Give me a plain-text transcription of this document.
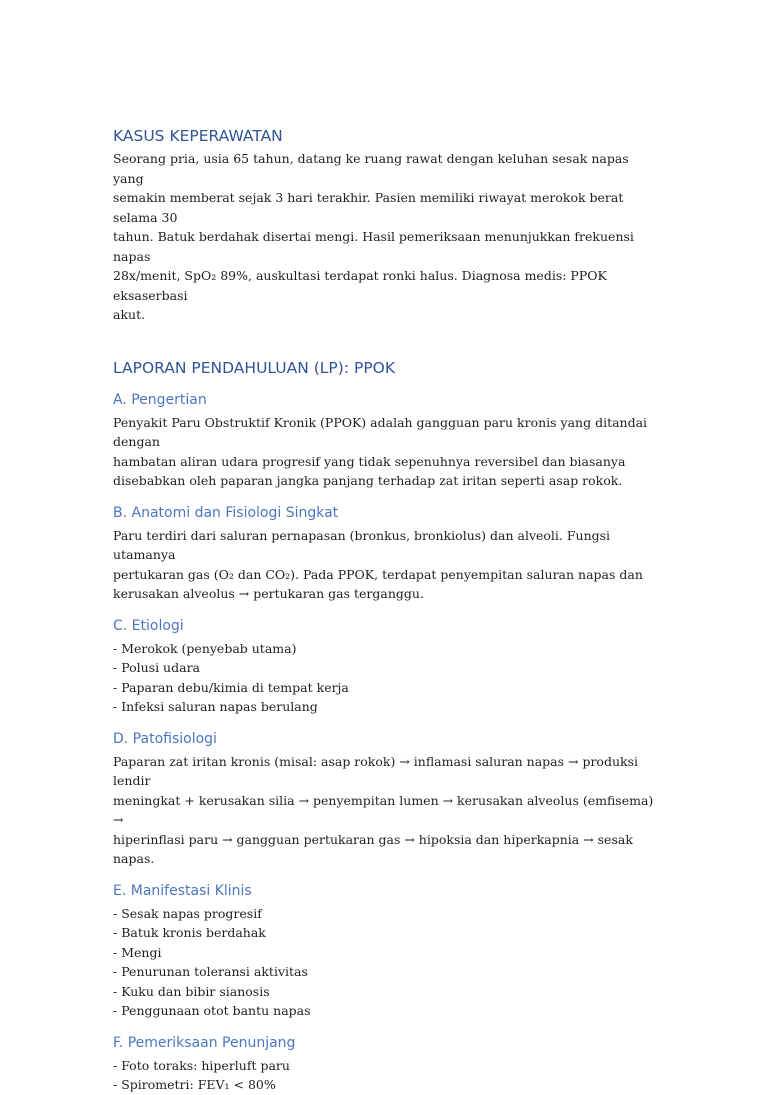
KASUS KEPERAWATAN
Seorang pria, usia 65 tahun, datang ke ruang rawat dengan keluhan sesak napas yang
semakin memberat sejak 3 hari terakhir. Pasien memiliki riwayat merokok berat selama 30
tahun. Batuk berdahak disertai mengi. Hasil pemeriksaan menunjukkan frekuensi napas
28x/menit, SpO₂ 89%, auskultasi terdapat ronki halus. Diagnosa medis: PPOK eksaserbasi
akut.
LAPORAN PENDAHULUAN (LP): PPOK
A. Pengertian
Penyakit Paru Obstruktif Kronik (PPOK) adalah gangguan paru kronis yang ditandai dengan
hambatan aliran udara progresif yang tidak sepenuhnya reversibel dan biasanya
disebabkan oleh paparan jangka panjang terhadap zat iritan seperti asap rokok.
B. Anatomi dan Fisiologi Singkat
Paru terdiri dari saluran pernapasan (bronkus, bronkiolus) dan alveoli. Fungsi utamanya
pertukaran gas (O₂ dan CO₂). Pada PPOK, terdapat penyempitan saluran napas dan
kerusakan alveolus → pertukaran gas terganggu.
C. Etiologi
- Merokok (penyebab utama)
- Polusi udara
- Paparan debu/kimia di tempat kerja
- Infeksi saluran napas berulang
D. Patofisiologi
Paparan zat iritan kronis (misal: asap rokok) → inflamasi saluran napas → produksi lendir
meningkat + kerusakan silia → penyempitan lumen → kerusakan alveolus (emfisema) →
hiperinflasi paru → gangguan pertukaran gas → hipoksia dan hiperkapnia → sesak napas.
E. Manifestasi Klinis
- Sesak napas progresif
- Batuk kronis berdahak
- Mengi
- Penurunan toleransi aktivitas
- Kuku dan bibir sianosis
- Penggunaan otot bantu napas
F. Pemeriksaan Penunjang
- Foto toraks: hiperluft paru
- Spirometri: FEV₁ < 80%
